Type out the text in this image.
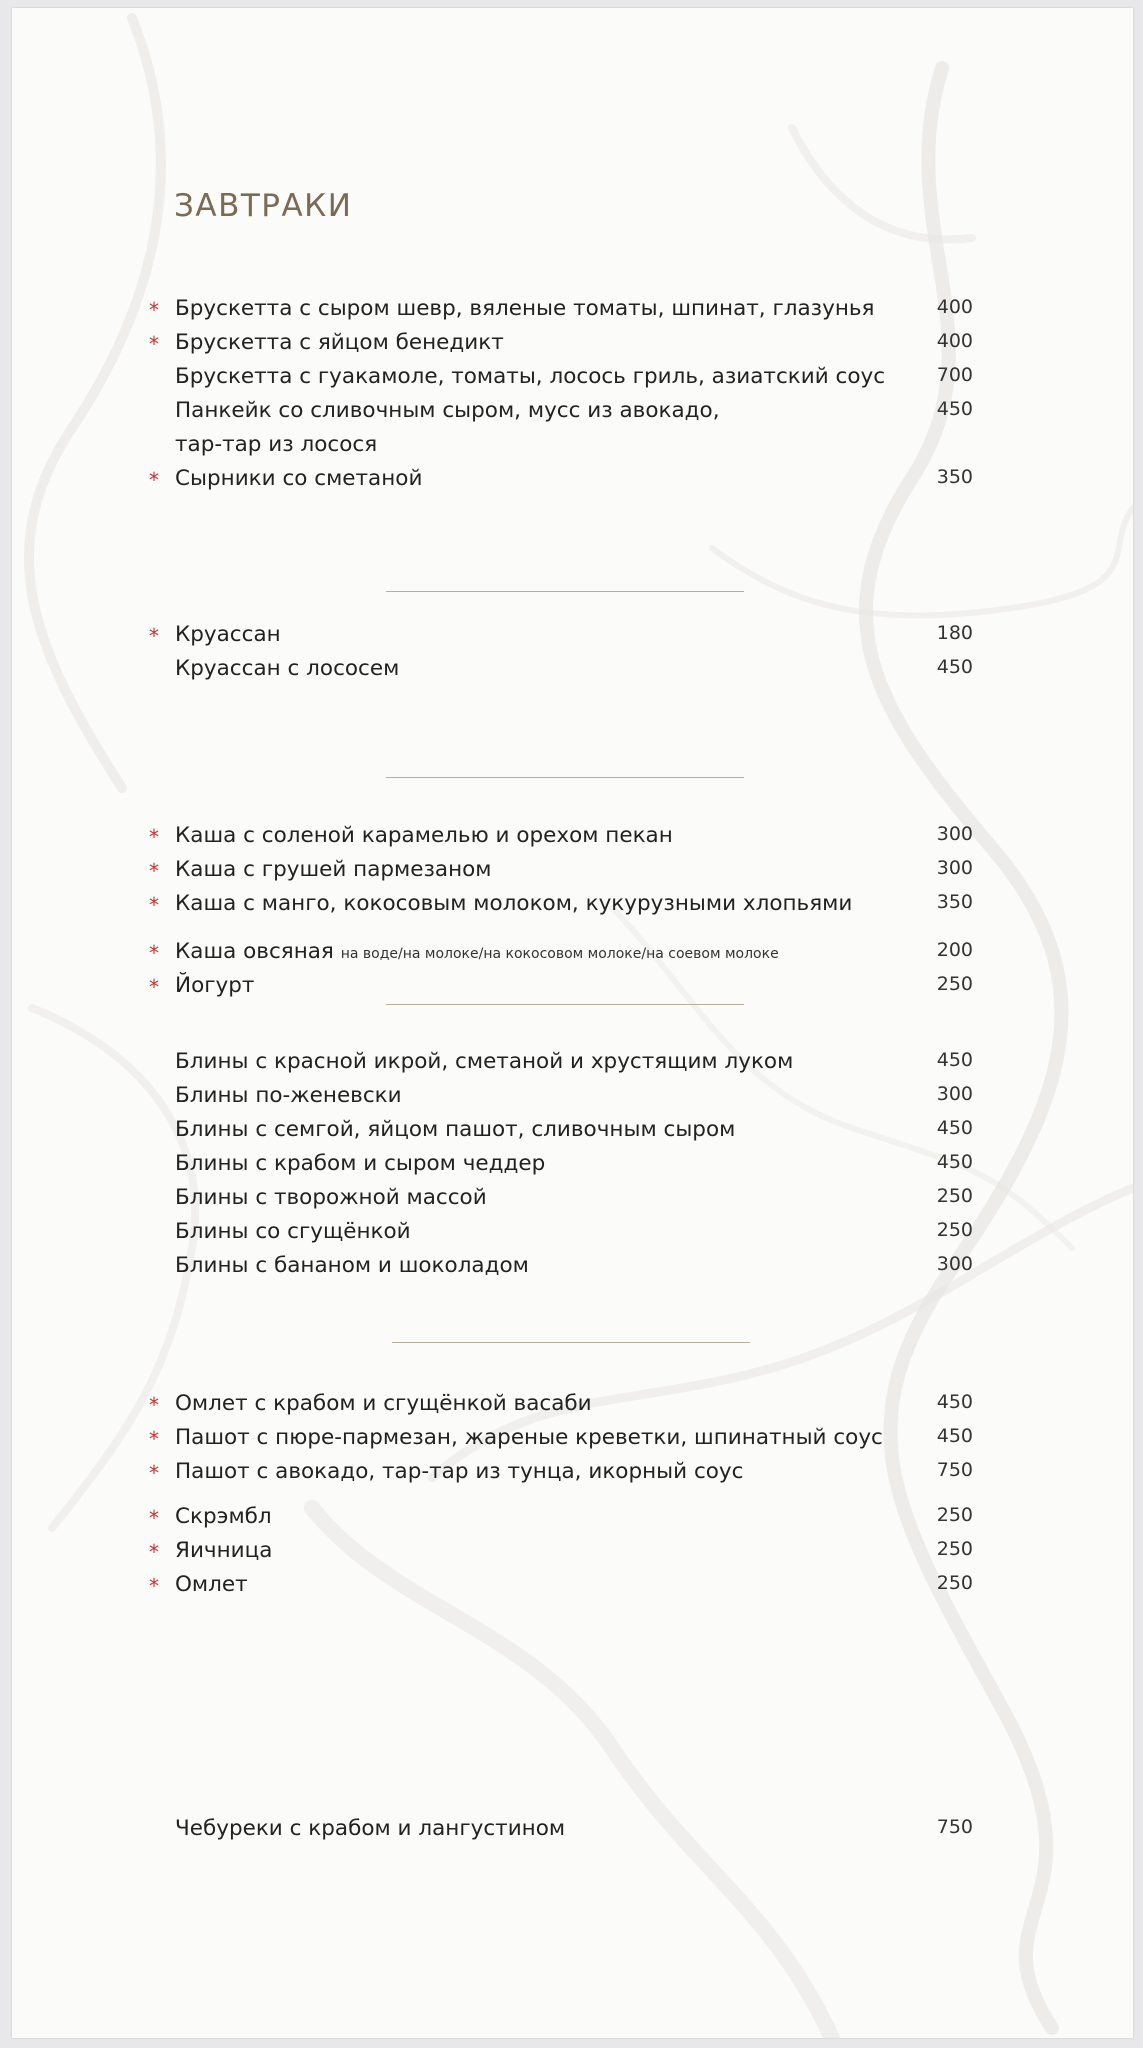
ЗАВТРАКИ
* Брускетта с сыром шевр, вяленые томаты, шпинат, глазунья	400
* Брускетта с яйцом бенедикт	400
Брускетта с гуакамоле, томаты, лосось гриль, азиатский соус	700
Панкейк со сливочным сыром, мусс из авокадо,	450
тар-тар из лосося
* Сырники со сметаной	350
* Круассан	180
Круассан с лососем	450
* Каша с соленой карамелью и орехом пекан	300
* Каша с грушей пармезаном	300
* Каша с манго, кокосовым молоком, кукурузными хлопьями	350
* Каша овсяная на воде/на молоке/на кокосовом молоке/на соевом молоке	200
* Йогурт	250
Блины с красной икрой, сметаной и хрустящим луком	450
Блины по-женевски	300
Блины с семгой, яйцом пашот, сливочным сыром	450
Блины с крабом и сыром чеддер	450
Блины с творожной массой	250
Блины со сгущёнкой	250
Блины с бананом и шоколадом	300
* Омлет с крабом и сгущёнкой васаби	450
* Пашот с пюре-пармезан, жареные креветки, шпинатный соус	450
* Пашот с авокадо, тар-тар из тунца, икорный соус	750
* Скрэмбл	250
* Яичница	250
* Омлет	250
Чебуреки с крабом и лангустином	750
